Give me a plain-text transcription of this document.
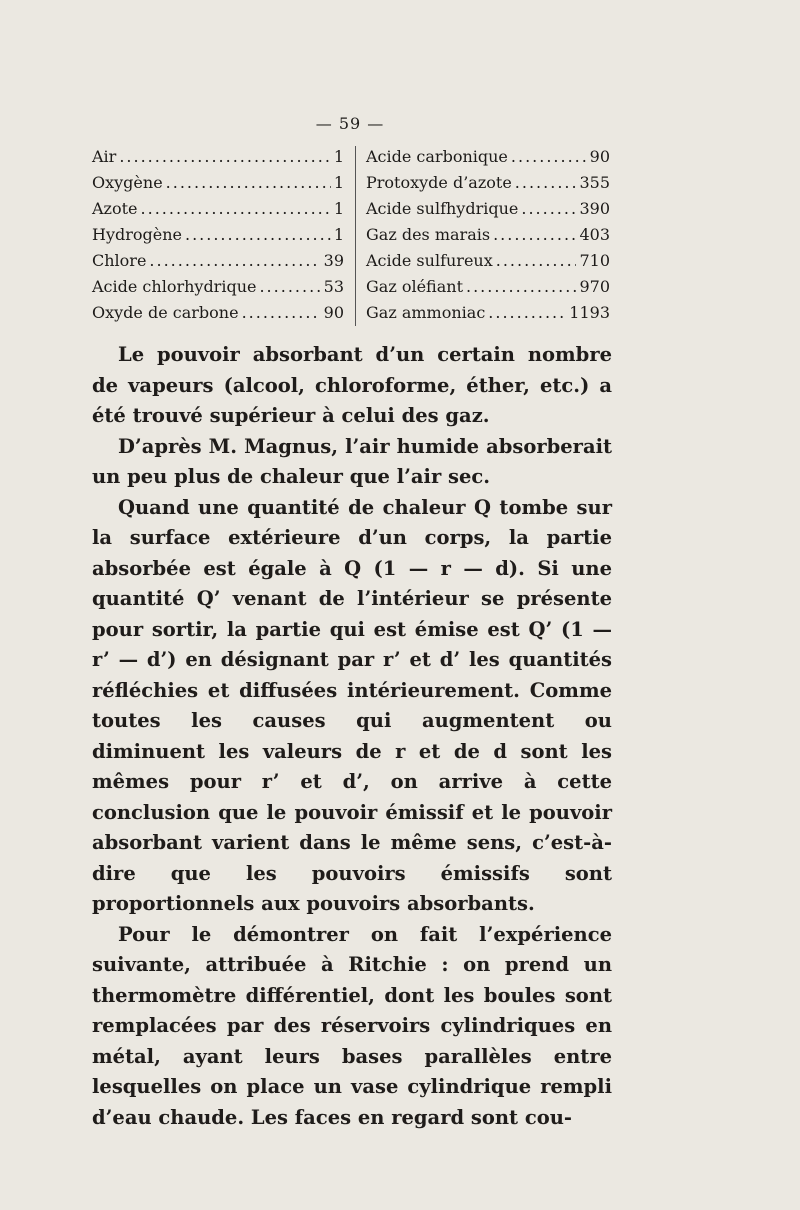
— 59 —
Air .....	1
Oxygène .....	1
Azote .....	1
Hydrogène .....	1
Chlore .....	39
Acide chlorhydrique .....	53
Oxyde de carbone .....	90
Acide carbonique .....	90
Protoxyde d’azote .....	355
Acide sulfhydrique .....	390
Gaz des marais .....	403
Acide sulfureux .....	710
Gaz oléfiant .....	970
Gaz ammoniac .....	1193

Le pouvoir absorbant d’un certain nombre de vapeurs (alcool, chloroforme, éther, etc.) a été trouvé supérieur à celui des gaz.

D’après M. Magnus, l’air humide absorberait un peu plus de chaleur que l’air sec.

Quand une quantité de chaleur Q tombe sur la surface extérieure d’un corps, la partie absorbée est égale à Q (1 — r — d). Si une quantité Q’ venant de l’intérieur se présente pour sortir, la partie qui est émise est Q’ (1 — r’ — d’) en désignant par r’ et d’ les quantités réfléchies et diffusées intérieurement. Comme toutes les causes qui augmentent ou diminuent les valeurs de r et de d sont les mêmes pour r’ et d’, on arrive à cette conclusion que le pouvoir émissif et le pouvoir absorbant varient dans le même sens, c’est-à-dire que les pouvoirs émissifs sont proportionnels aux pouvoirs absorbants.

Pour le démontrer on fait l’expérience suivante, attribuée à Ritchie : on prend un thermomètre différentiel, dont les boules sont remplacées par des réservoirs cylindriques en métal, ayant leurs bases parallèles entre lesquelles on place un vase cylindrique rempli d’eau chaude. Les faces en regard sont cou-
